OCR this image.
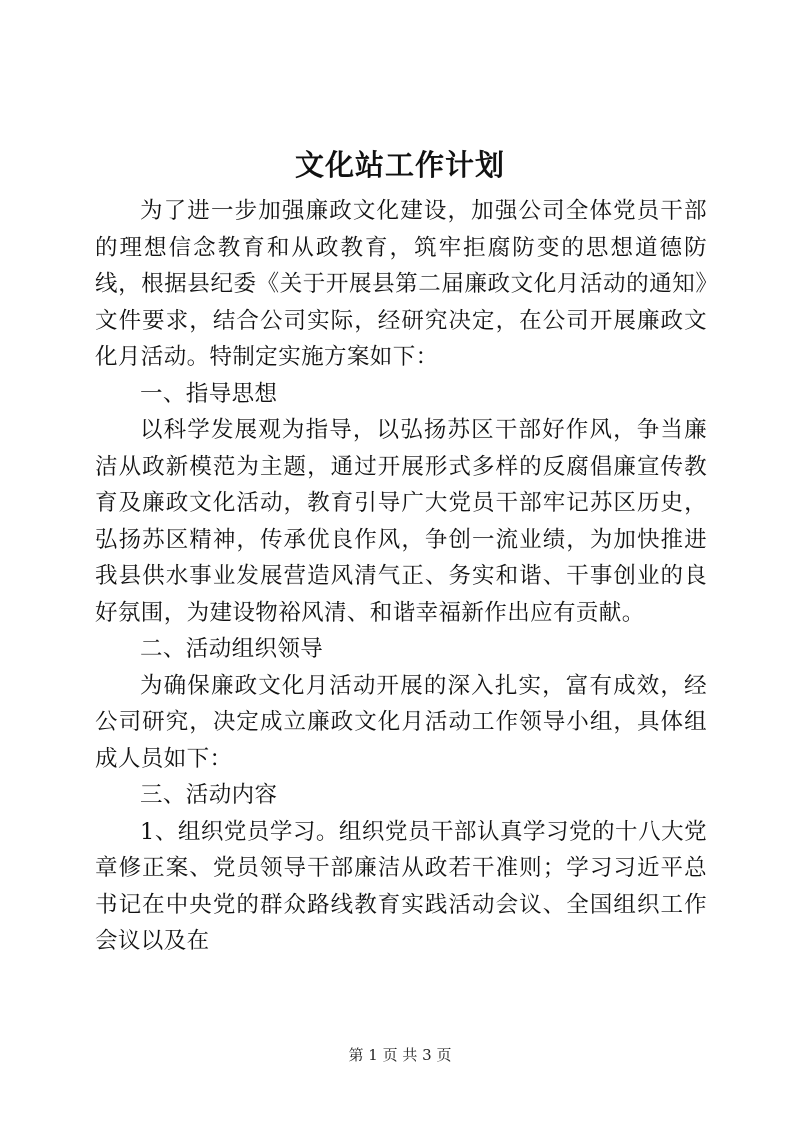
文化站工作计划

为了进一步加强廉政文化建设，加强公司全体党员干部的理想信念教育和从政教育，筑牢拒腐防变的思想道德防线，根据县纪委《关于开展县第二届廉政文化月活动的通知》文件要求，结合公司实际，经研究决定，在公司开展廉政文化月活动。特制定实施方案如下：

一、指导思想

以科学发展观为指导，以弘扬苏区干部好作风，争当廉洁从政新模范为主题，通过开展形式多样的反腐倡廉宣传教育及廉政文化活动，教育引导广大党员干部牢记苏区历史，弘扬苏区精神，传承优良作风，争创一流业绩，为加快推进我县供水事业发展营造风清气正、务实和谐、干事创业的良好氛围，为建设物裕风清、和谐幸福新作出应有贡献。

二、活动组织领导

为确保廉政文化月活动开展的深入扎实，富有成效，经公司研究，决定成立廉政文化月活动工作领导小组，具体组成人员如下：

三、活动内容

1、组织党员学习。组织党员干部认真学习党的十八大党章修正案、党员领导干部廉洁从政若干准则；学习习近平总书记在中央党的群众路线教育实践活动会议、全国组织工作会议以及在

第 1 页 共 3 页
